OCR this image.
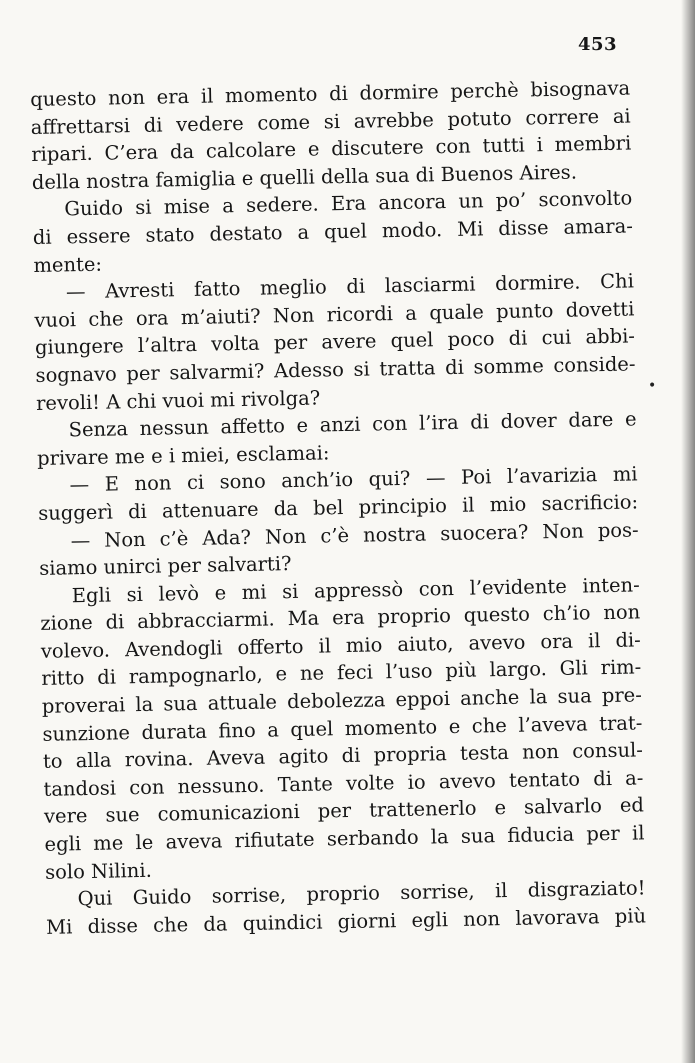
453
•
questo non era il momento di dormire perchè bisognava
affrettarsi di vedere come si avrebbe potuto correre ai
ripari. C’era da calcolare e discutere con tutti i membri
della nostra famiglia e quelli della sua di Buenos Aires.
Guido si mise a sedere. Era ancora un po’ sconvolto
di essere stato destato a quel modo. Mi disse amara-
mente:
— Avresti fatto meglio di lasciarmi dormire. Chi
vuoi che ora m’aiuti? Non ricordi a quale punto dovetti
giungere l’altra volta per avere quel poco di cui abbi-
sognavo per salvarmi? Adesso si tratta di somme conside-
revoli! A chi vuoi mi rivolga?
Senza nessun affetto e anzi con l’ira di dover dare e
privare me e i miei, esclamai:
— E non ci sono anch’io qui? — Poi l’avarizia mi
suggerì di attenuare da bel principio il mio sacrificio:
— Non c’è Ada? Non c’è nostra suocera? Non pos-
siamo unirci per salvarti?
Egli si levò e mi si appressò con l’evidente inten-
zione di abbracciarmi. Ma era proprio questo ch’io non
volevo. Avendogli offerto il mio aiuto, avevo ora il di-
ritto di rampognarlo, e ne feci l’uso più largo. Gli rim-
proverai la sua attuale debolezza eppoi anche la sua pre-
sunzione durata fino a quel momento e che l’aveva trat-
to alla rovina. Aveva agito di propria testa non consul-
tandosi con nessuno. Tante volte io avevo tentato di a-
vere sue comunicazioni per trattenerlo e salvarlo ed
egli me le aveva rifiutate serbando la sua fiducia per il
solo Nilini.
Qui Guido sorrise, proprio sorrise, il disgraziato!
Mi disse che da quindici giorni egli non lavorava più
